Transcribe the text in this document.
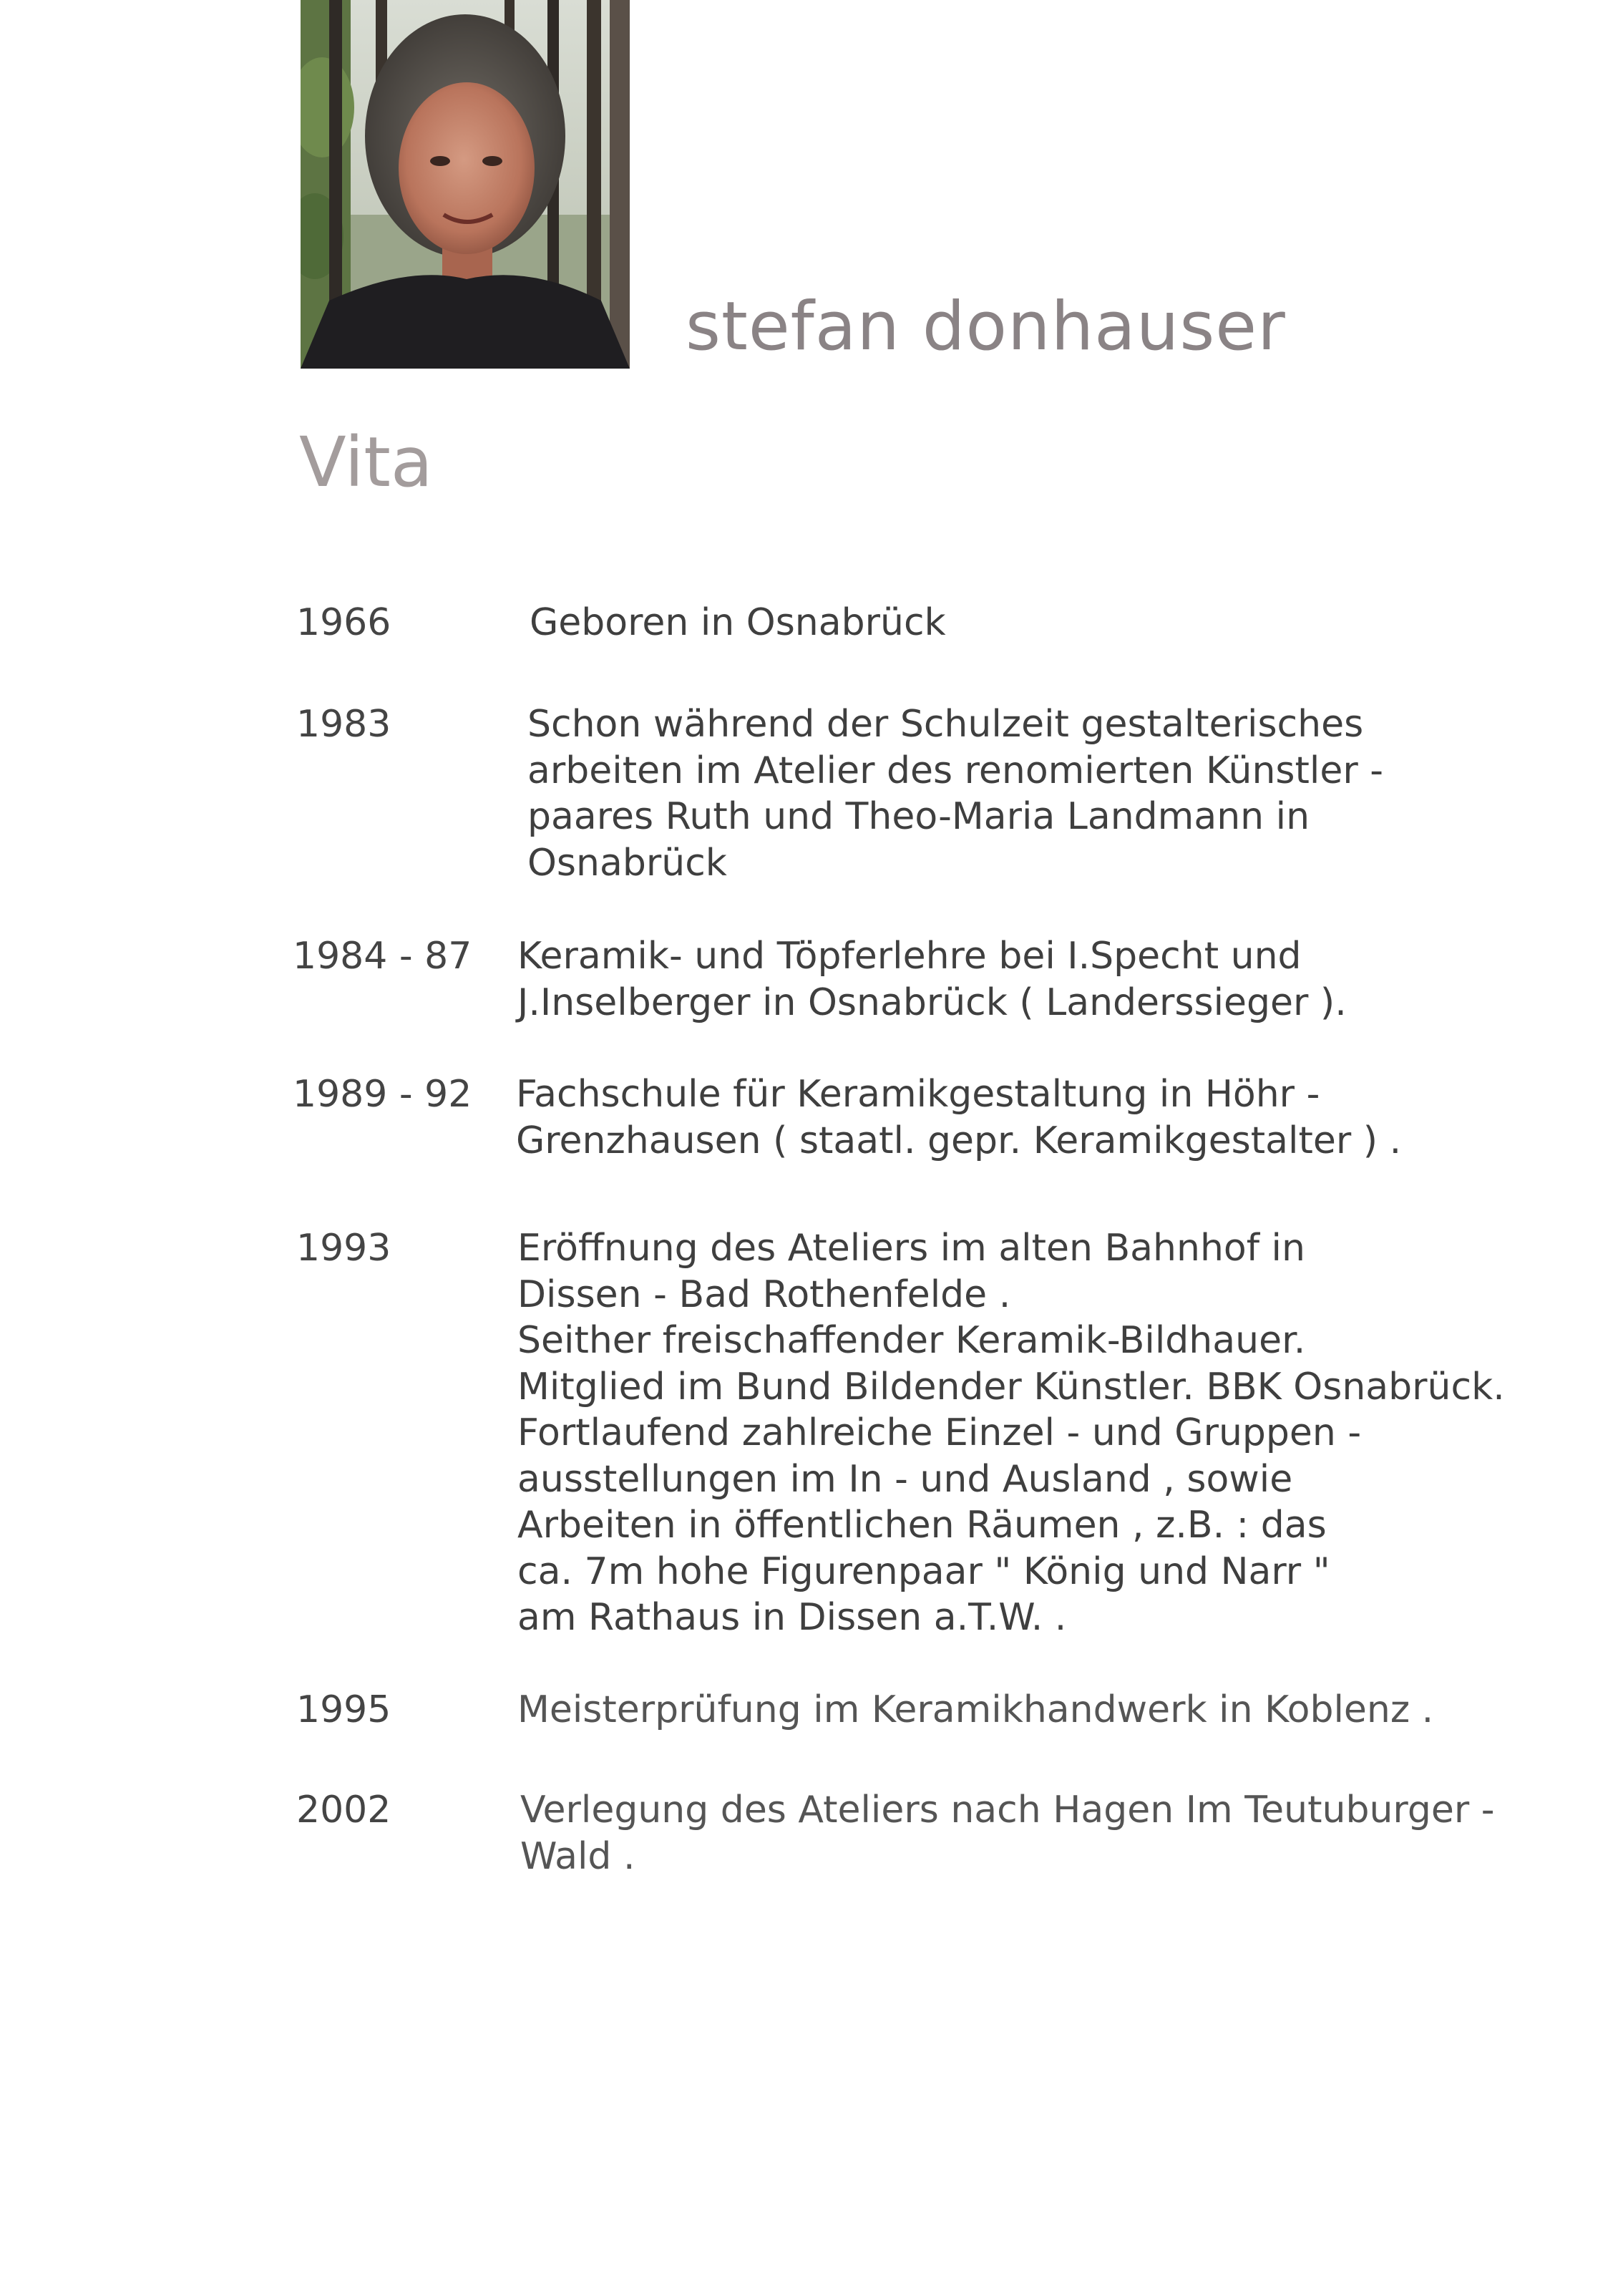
stefan donhauser
Vita
1966	Geboren in Osnabrück
1983	Schon während der Schulzeit gestalterisches
arbeiten im Atelier des renomierten Künstler -
paares Ruth und Theo-Maria Landmann in
Osnabrück
1984 - 87 Keramik- und Töpferlehre bei I.Specht und
J.Inselberger in Osnabrück ( Landerssieger ).
1989 - 92 Fachschule für Keramikgestaltung in Höhr -
Grenzhausen ( staatl. gepr. Keramikgestalter ) .
1993	Eröffnung des Ateliers im alten Bahnhof in
Dissen - Bad Rothenfelde .
Seither freischaffender Keramik-Bildhauer.
Mitglied im Bund Bildender Künstler. BBK Osnabrück.
Fortlaufend zahlreiche Einzel - und Gruppen -
ausstellungen im In - und Ausland , sowie
Arbeiten in öffentlichen Räumen , z.B. : das
ca. 7m hohe Figurenpaar " König und Narr "
am Rathaus in Dissen a.T.W. .
1995	Meisterprüfung im Keramikhandwerk in Koblenz .
2002	Verlegung des Ateliers nach Hagen Im Teutuburger -
Wald .
